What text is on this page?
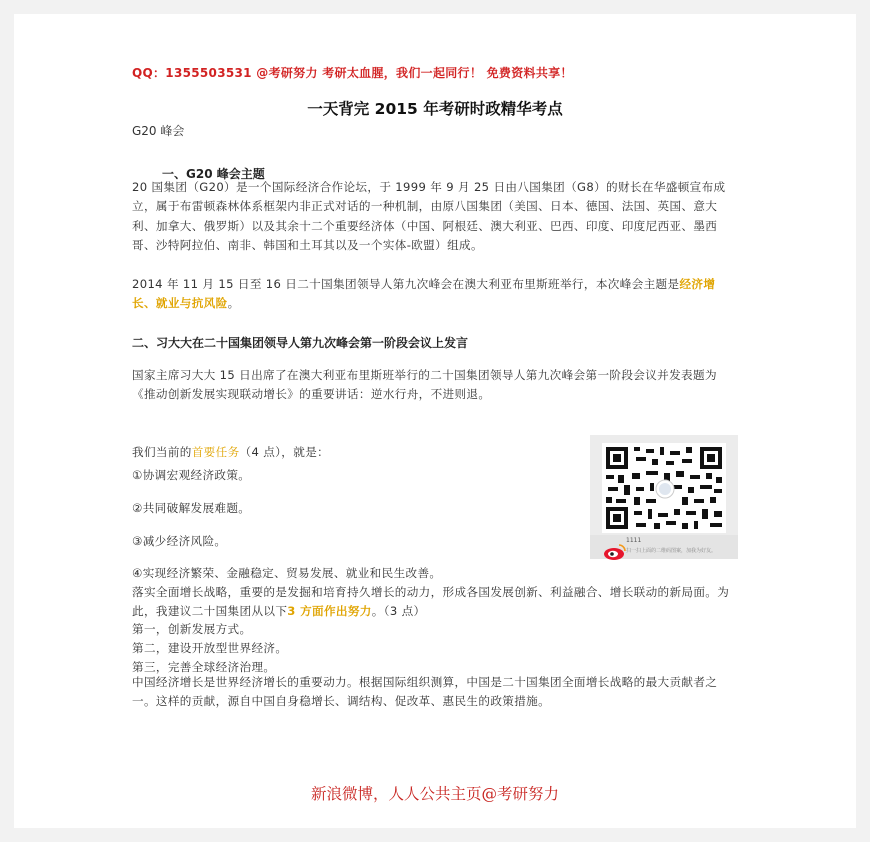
QQ：1355503531 @考研努力 考研太血腥，我们一起同行！ 免费资料共享！
一天背完 2015 年考研时政精华考点
G20 峰会
一、G20 峰会主题
20 国集团（G20）是一个国际经济合作论坛，于 1999 年 9 月 25 日由八国集团（G8）的财长在华盛顿宣布成立，属于布雷顿森林体系框架内非正式对话的一种机制，由原八国集团（美国、日本、德国、法国、英国、意大利、加拿大、俄罗斯）以及其余十二个重要经济体（中国、阿根廷、澳大利亚、巴西、印度、印度尼西亚、墨西哥、沙特阿拉伯、南非、韩国和土耳其以及一个实体-欧盟）组成。
2014 年 11 月 15 日至 16 日二十国集团领导人第九次峰会在澳大利亚布里斯班举行，本次峰会主题是经济增长、就业与抗风险。
二、习大大在二十国集团领导人第九次峰会第一阶段会议上发言
国家主席习大大 15 日出席了在澳大利亚布里斯班举行的二十国集团领导人第九次峰会第一阶段会议并发表题为《推动创新发展实现联动增长》的重要讲话：逆水行舟，不进则退。
我们当前的首要任务（4 点），就是：
①协调宏观经济政策。
②共同破解发展难题。
③减少经济风险。
④实现经济繁荣、金融稳定、贸易发展、就业和民生改善。
落实全面增长战略，重要的是发掘和培育持久增长的动力，形成各国发展创新、利益融合、增长联动的新局面。为此，我建议二十国集团从以下3 方面作出努力。（3 点）
第一，创新发展方式。
第二，建设开放型世界经济。
第三，完善全球经济治理。
中国经济增长是世界经济增长的重要动力。根据国际组织测算，中国是二十国集团全面增长战略的最大贡献者之一。这样的贡献，源自中国自身稳增长、调结构、促改革、惠民生的政策措施。
1111
扫一扫上面的二维码图案，加我为好友。
新浪微博，人人公共主页@考研努力
